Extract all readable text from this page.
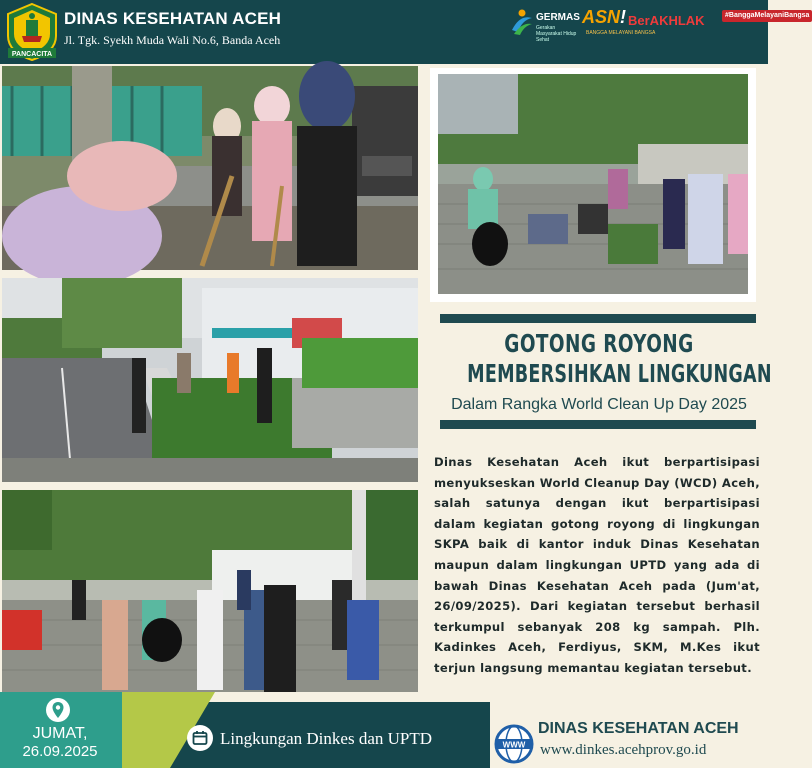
PANCACITA
DINAS KESEHATAN ACEH
Jl. Tgk. Syekh Muda Wali No.6, Banda Aceh
GERMAS
Gerakan Masyarakat Hidup Sehat
ASN!
BANGGA MELAYANI BANGSA
BerAKHLAK	#BanggaMelayaniBangsa
GOTONG ROYONG
MEMBERSIHKAN LINGKUNGAN
Dalam Rangka World Clean Up Day 2025
Dinas Kesehatan Aceh ikut berpartisipasi menyukseskan World Cleanup Day (WCD) Aceh, salah satunya dengan ikut berpartisipasi dalam kegiatan gotong royong di lingkungan SKPA baik di kantor induk Dinas Kesehatan maupun dalam lingkungan UPTD yang ada di bawah Dinas Kesehatan Aceh pada (Jum'at, 26/09/2025). Dari kegiatan tersebut berhasil terkumpul sebanyak 208 kg sampah. Plh. Kadinkes Aceh, Ferdiyus, SKM, M.Kes ikut terjun langsung memantau kegiatan tersebut.
JUMAT,
26.09.2025
Lingkungan Dinkes dan UPTD	WWW
DINAS KESEHATAN ACEH
www.dinkes.acehprov.go.id
